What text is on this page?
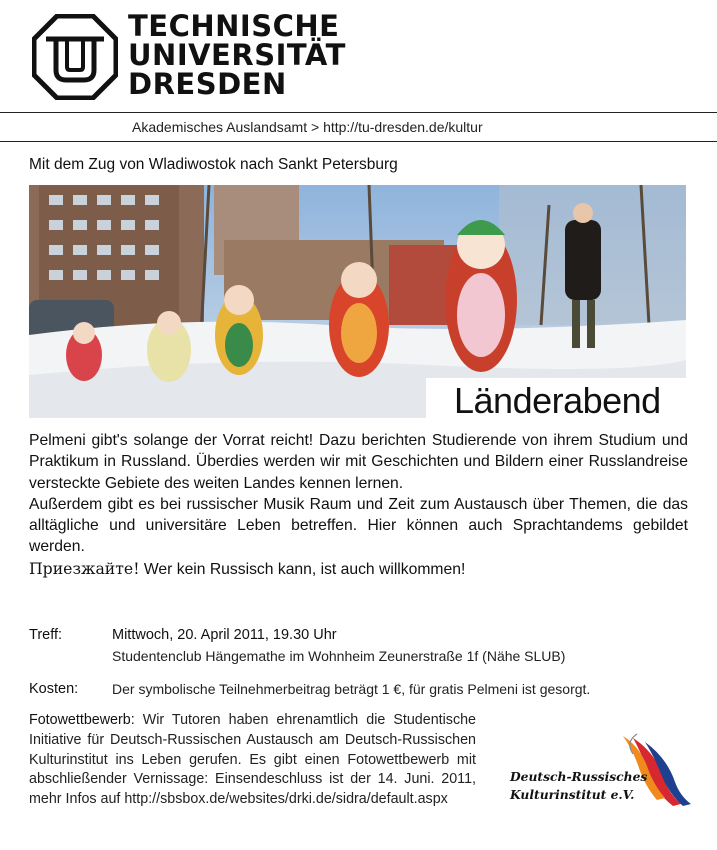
TECHNISCHE
UNIVERSITÄT
DRESDEN
Akademisches Auslandsamt > http://tu-dresden.de/kultur
Mit dem Zug von Wladiwostok nach Sankt Petersburg
Länderabend

Pelmeni gibt's solange der Vorrat reicht! Dazu berichten Studierende von ihrem Studium und Praktikum in Russland. Überdies werden wir mit Geschichten und Bildern einer Russlandreise versteckte Gebiete des weiten Landes kennen lernen.

Außerdem gibt es bei russischer Musik Raum und Zeit zum Austausch über Themen, die das alltägliche und universitäre Leben betreffen. Hier können auch Sprachtandems gebildet werden.

Приезжайте! Wer kein Russisch kann, ist auch willkommen!

Treff:	Mittwoch, 20. April 2011, 19.30 Uhr
Studentenclub Hängemathe im Wohnheim Zeunerstraße 1f (Nähe SLUB)
Kosten: Der symbolische Teilnehmerbeitrag beträgt 1 €, für gratis Pelmeni ist gesorgt.

Fotowettbewerb: Wir Tutoren haben ehrenamtlich die Studentische Initiative für Deutsch-Russischen Austausch am Deutsch-Russischen Kulturinstitut ins Leben gerufen. Es gibt einen Fotowettbewerb mit abschließender Vernissage: Einsendeschluss ist der 14. Juni. 2011, mehr Infos auf http://sbsbox.de/websites/drki.de/sidra/default.aspx

Deutsch-Russisches
Kulturinstitut e.V.
